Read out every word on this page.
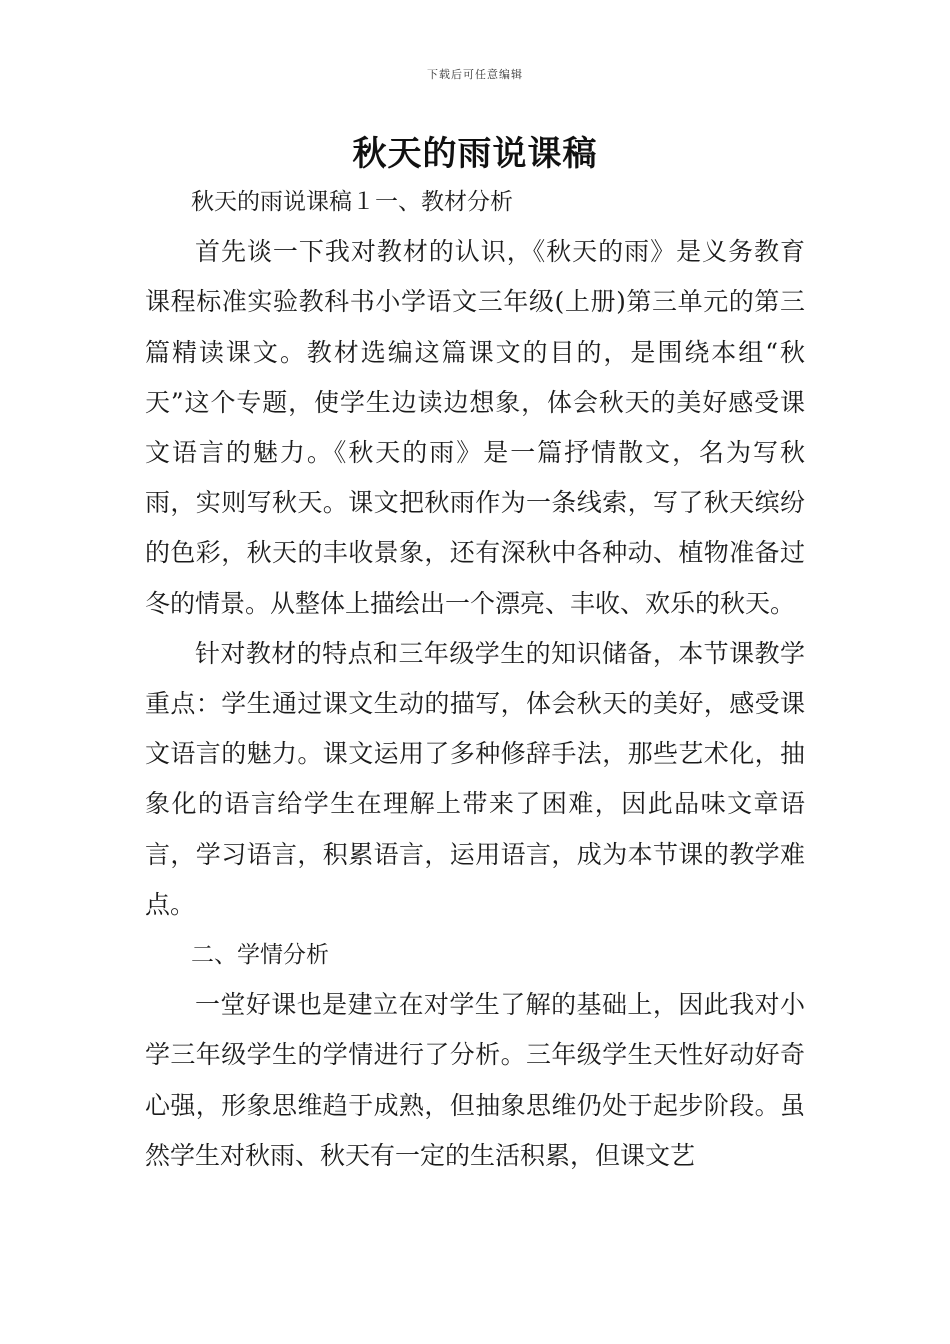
下载后可任意编辑
秋天的雨说课稿

秋天的雨说课稿１一、教材分析

首先谈一下我对教材的认识，《秋天的雨》是义务教育课程标准实验教科书小学语文三年级(上册)第三单元的第三篇精读课文。教材选编这篇课文的目的，是围绕本组“秋天”这个专题，使学生边读边想象，体会秋天的美好感受课文语言的魅力。《秋天的雨》是一篇抒情散文，名为写秋雨，实则写秋天。课文把秋雨作为一条线索，写了秋天缤纷的色彩，秋天的丰收景象，还有深秋中各种动、植物准备过冬的情景。从整体上描绘出一个漂亮、丰收、欢乐的秋天。

针对教材的特点和三年级学生的知识储备，本节课教学重点：学生通过课文生动的描写，体会秋天的美好，感受课文语言的魅力。课文运用了多种修辞手法，那些艺术化，抽象化的语言给学生在理解上带来了困难，因此品味文章语言，学习语言，积累语言，运用语言，成为本节课的教学难点。

二、学情分析

一堂好课也是建立在对学生了解的基础上，因此我对小学三年级学生的学情进行了分析。三年级学生天性好动好奇心强，形象思维趋于成熟，但抽象思维仍处于起步阶段。虽然学生对秋雨、秋天有一定的生活积累，但课文艺
